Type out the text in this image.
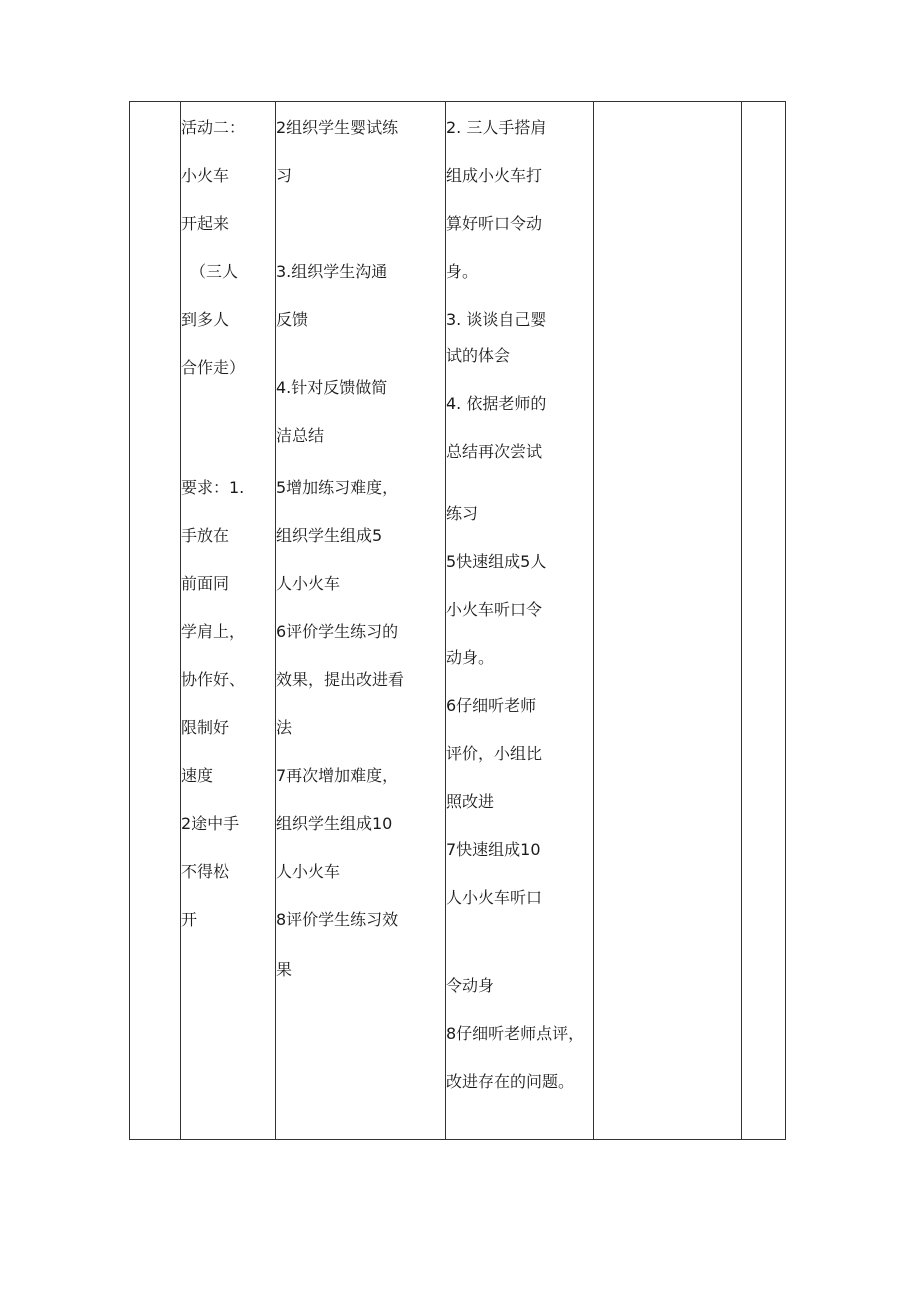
活动二：
小火车
开起来
（三人
到多人
合作走）
要求：1.
手放在
前面同
学肩上，
协作好、
限制好
速度
2途中手
不得松
开
2组织学生婴试练
习
3.组织学生沟通
反馈
4.针对反馈做简
洁总结
5增加练习难度，
组织学生组成5
人小火车
6评价学生练习的
效果，提出改进看
法
7再次增加难度，
组织学生组成10
人小火车
8评价学生练习效
果
2. 三人手搭肩
组成小火车打
算好听口令动
身。
3. 谈谈自己婴
试的体会
4. 依据老师的
总结再次尝试
练习
5快速组成5人
小火车听口令
动身。
6仔细听老师
评价，小组比
照改进
7快速组成10
人小火车听口
令动身
8仔细听老师点评，
改进存在的问题。
